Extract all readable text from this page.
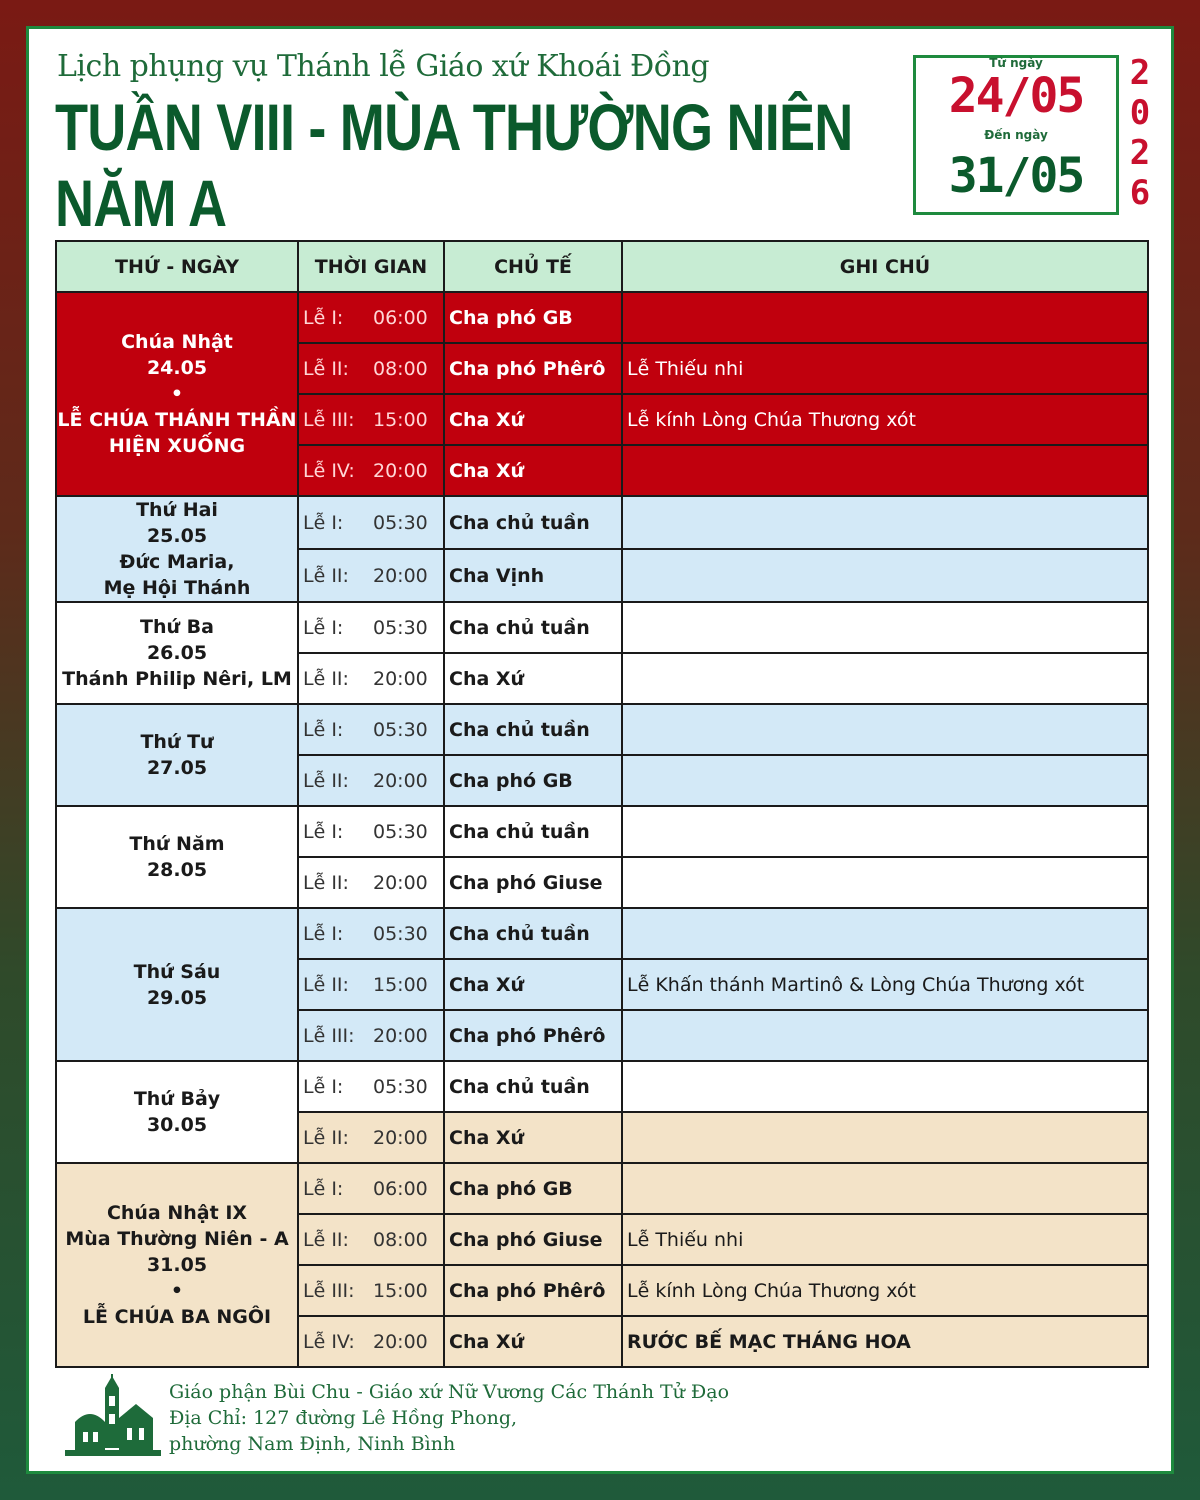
Lịch phụng vụ Thánh lễ Giáo xứ Khoái Đồng
TUẦN VIII - MÙA THƯỜNG NIÊN NĂM A
Từ ngày
24/05
Đến ngày
31/05
2
0
2
6
THỨ - NGÀY	THỜI GIAN	CHỦ TẾ	GHI CHÚ

Chúa Nhật
24.05
•
LỄ CHÚA THÁNH THẦN
HIỆN XUỐNG	Lễ I: 06:00	Cha phó GB	
	Lễ II: 08:00	Cha phó Phêrô	Lễ Thiếu nhi
	Lễ III: 15:00	Cha Xứ	Lễ kính Lòng Chúa Thương xót
	Lễ IV: 20:00	Cha Xứ	

Thứ Hai
25.05
Đức Maria,
Mẹ Hội Thánh	Lễ I: 05:30	Cha chủ tuần	
	Lễ II: 20:00	Cha Vịnh	

Thứ Ba
26.05
Thánh Philip Nêri, LM	Lễ I: 05:30	Cha chủ tuần	
	Lễ II: 20:00	Cha Xứ	

Thứ Tư
27.05	Lễ I: 05:30	Cha chủ tuần	
	Lễ II: 20:00	Cha phó GB	

Thứ Năm
28.05	Lễ I: 05:30	Cha chủ tuần	
	Lễ II: 20:00	Cha phó Giuse	

Thứ Sáu
29.05	Lễ I: 05:30	Cha chủ tuần	
	Lễ II: 15:00	Cha Xứ	Lễ Khấn thánh Martinô & Lòng Chúa Thương xót
	Lễ III: 20:00	Cha phó Phêrô	

Thứ Bảy
30.05	Lễ I: 05:30	Cha chủ tuần	
	Lễ II: 20:00	Cha Xứ	

Chúa Nhật IX
Mùa Thường Niên - A
31.05
•
LỄ CHÚA BA NGÔI	Lễ I: 06:00	Cha phó GB	
	Lễ II: 08:00	Cha phó Giuse	Lễ Thiếu nhi
	Lễ III: 15:00	Cha phó Phêrô	Lễ kính Lòng Chúa Thương xót
	Lễ IV: 20:00	Cha Xứ	RƯỚC BẾ MẠC THÁNG HOA
Giáo phận Bùi Chu - Giáo xứ Nữ Vương Các Thánh Tử Đạo
Địa Chỉ: 127 đường Lê Hồng Phong,
phường Nam Định, Ninh Bình
